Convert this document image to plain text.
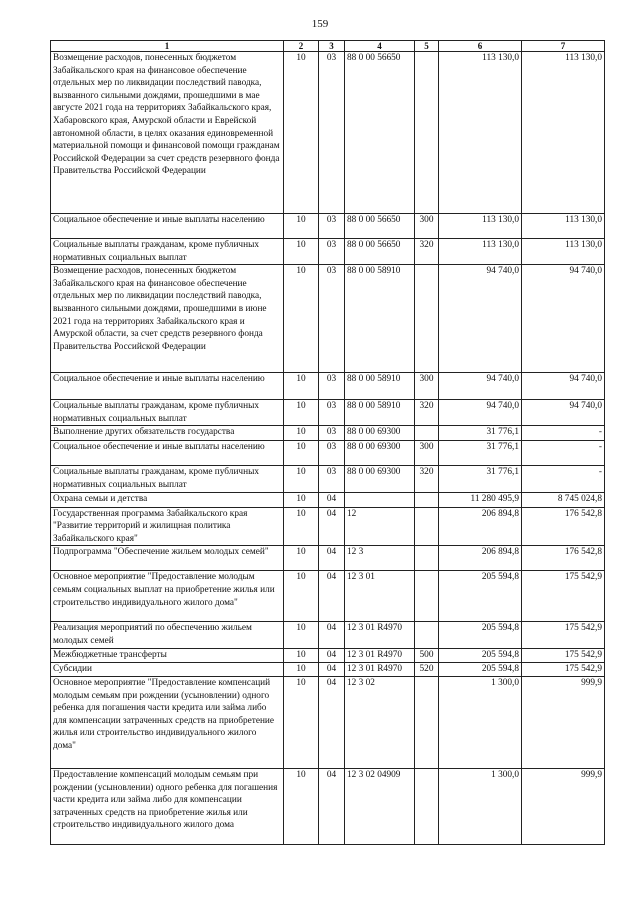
159
1	2	3	4	5	6	7
Возмещение расходов, понесенных бюджетом Забайкальского края на финансовое обеспечение отдельных мер по ликвидации последствий паводка, вызванного сильными дождями, прошедшими в мае августе 2021 года на территориях Забайкальского края, Хабаровского края, Амурской области и Еврейской автономной области, в целях оказания единовременной материальной помощи и финансовой помощи гражданам Российской Федерации за счет средств резервного фонда Правительства Российской Федерации	10	03	88 0 00 56650		113 130,0	113 130,0
Социальное обеспечение и иные выплаты населению	10	03	88 0 00 56650	300	113 130,0	113 130,0
Социальные выплаты гражданам, кроме публичных нормативных социальных выплат	10	03	88 0 00 56650	320	113 130,0	113 130,0
Возмещение расходов, понесенных бюджетом Забайкальского края на финансовое обеспечение отдельных мер по ликвидации последствий паводка, вызванного сильными дождями, прошедшими в июне 2021 года на территориях Забайкальского края и Амурской области, за счет средств резервного фонда Правительства Российской Федерации	10	03	88 0 00 58910		94 740,0	94 740,0
Социальное обеспечение и иные выплаты населению	10	03	88 0 00 58910	300	94 740,0	94 740,0
Социальные выплаты гражданам, кроме публичных нормативных социальных выплат	10	03	88 0 00 58910	320	94 740,0	94 740,0
Выполнение других обязательств государства	10	03	88 0 00 69300		31 776,1	-
Социальное обеспечение и иные выплаты населению	10	03	88 0 00 69300	300	31 776,1	-
Социальные выплаты гражданам, кроме публичных нормативных социальных выплат	10	03	88 0 00 69300	320	31 776,1	-
Охрана семьи и детства	10	04			11 280 495,9	8 745 024,8
Государственная программа Забайкальского края "Развитие территорий и жилищная политика Забайкальского края"	10	04	12		206 894,8	176 542,8
Подпрограмма "Обеспечение жильем молодых семей"	10	04	12 3		206 894,8	176 542,8
Основное мероприятие "Предоставление молодым семьям социальных выплат на приобретение жилья или строительство индивидуального жилого дома"	10	04	12 3 01		205 594,8	175 542,9
Реализация мероприятий по обеспечению жильем молодых семей	10	04	12 3 01 R4970		205 594,8	175 542,9
Межбюджетные трансферты	10	04	12 3 01 R4970	500	205 594,8	175 542,9
Субсидии	10	04	12 3 01 R4970	520	205 594,8	175 542,9
Основное мероприятие "Предоставление компенсаций молодым семьям при рождении (усыновлении) одного ребенка для погашения части кредита или займа либо для компенсации затраченных средств на приобретение жилья или строительство индивидуального жилого дома"	10	04	12 3 02		1 300,0	999,9
Предоставление компенсаций молодым семьям при рождении (усыновлении) одного ребенка для погашения части кредита или займа либо для компенсации затраченных средств на приобретение жилья или строительство индивидуального жилого дома	10	04	12 3 02 04909		1 300,0	999,9
